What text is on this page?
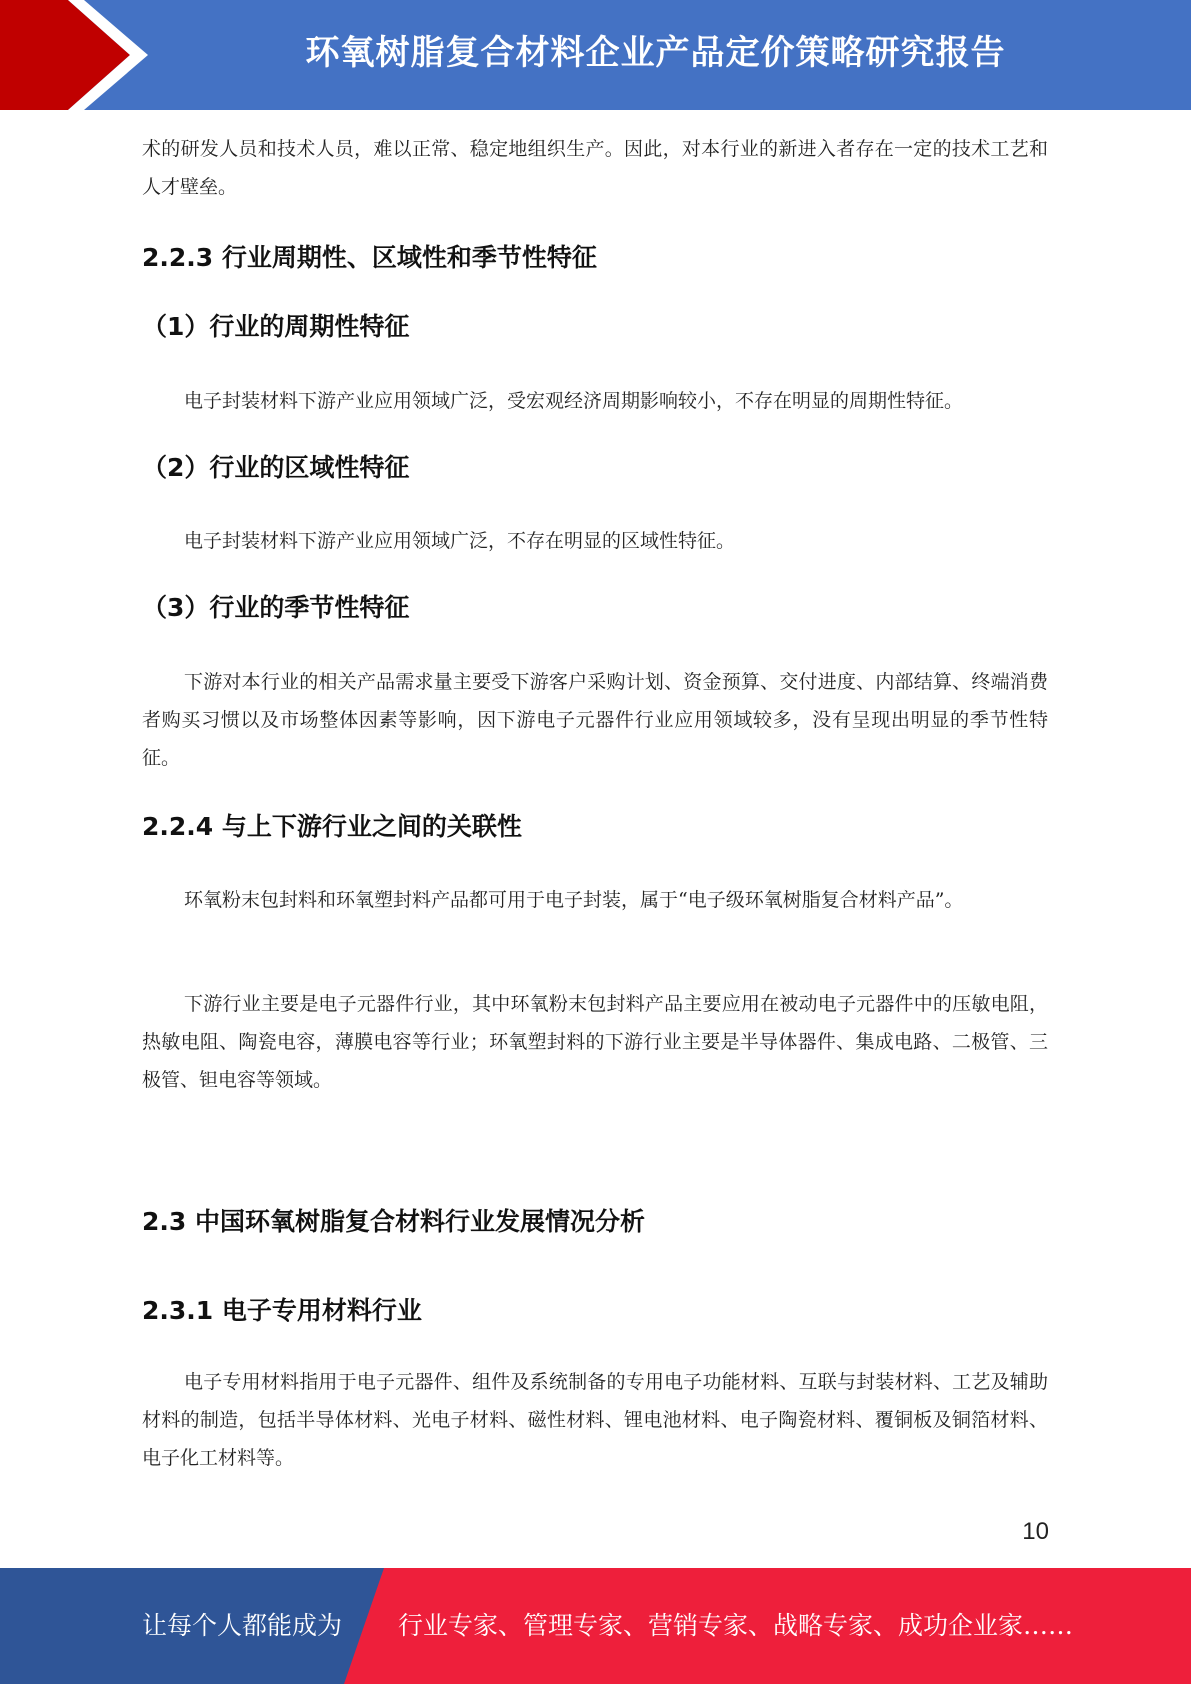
环氧树脂复合材料企业产品定价策略研究报告

术的研发人员和技术人员，难以正常、稳定地组织生产。因此，对本行业的新进入者存在一定的技术工艺和人才壁垒。

2.2.3 行业周期性、区域性和季节性特征
（1）行业的周期性特征

电子封装材料下游产业应用领域广泛，受宏观经济周期影响较小，不存在明显的周期性特征。

（2）行业的区域性特征

电子封装材料下游产业应用领域广泛，不存在明显的区域性特征。

（3）行业的季节性特征

下游对本行业的相关产品需求量主要受下游客户采购计划、资金预算、交付进度、内部结算、终端消费者购买习惯以及市场整体因素等影响，因下游电子元器件行业应用领域较多，没有呈现出明显的季节性特征。

2.2.4 与上下游行业之间的关联性

环氧粉末包封料和环氧塑封料产品都可用于电子封装，属于“电子级环氧树脂复合材料产品”。

下游行业主要是电子元器件行业，其中环氧粉末包封料产品主要应用在被动电子元器件中的压敏电阻，热敏电阻、陶瓷电容，薄膜电容等行业；环氧塑封料的下游行业主要是半导体器件、集成电路、二极管、三极管、钽电容等领域。

2.3 中国环氧树脂复合材料行业发展情况分析
2.3.1 电子专用材料行业

电子专用材料指用于电子元器件、组件及系统制备的专用电子功能材料、互联与封装材料、工艺及辅助材料的制造，包括半导体材料、光电子材料、磁性材料、锂电池材料、电子陶瓷材料、覆铜板及铜箔材料、电子化工材料等。

10
让每个人都能成为 行业专家、管理专家、营销专家、战略专家、成功企业家……
